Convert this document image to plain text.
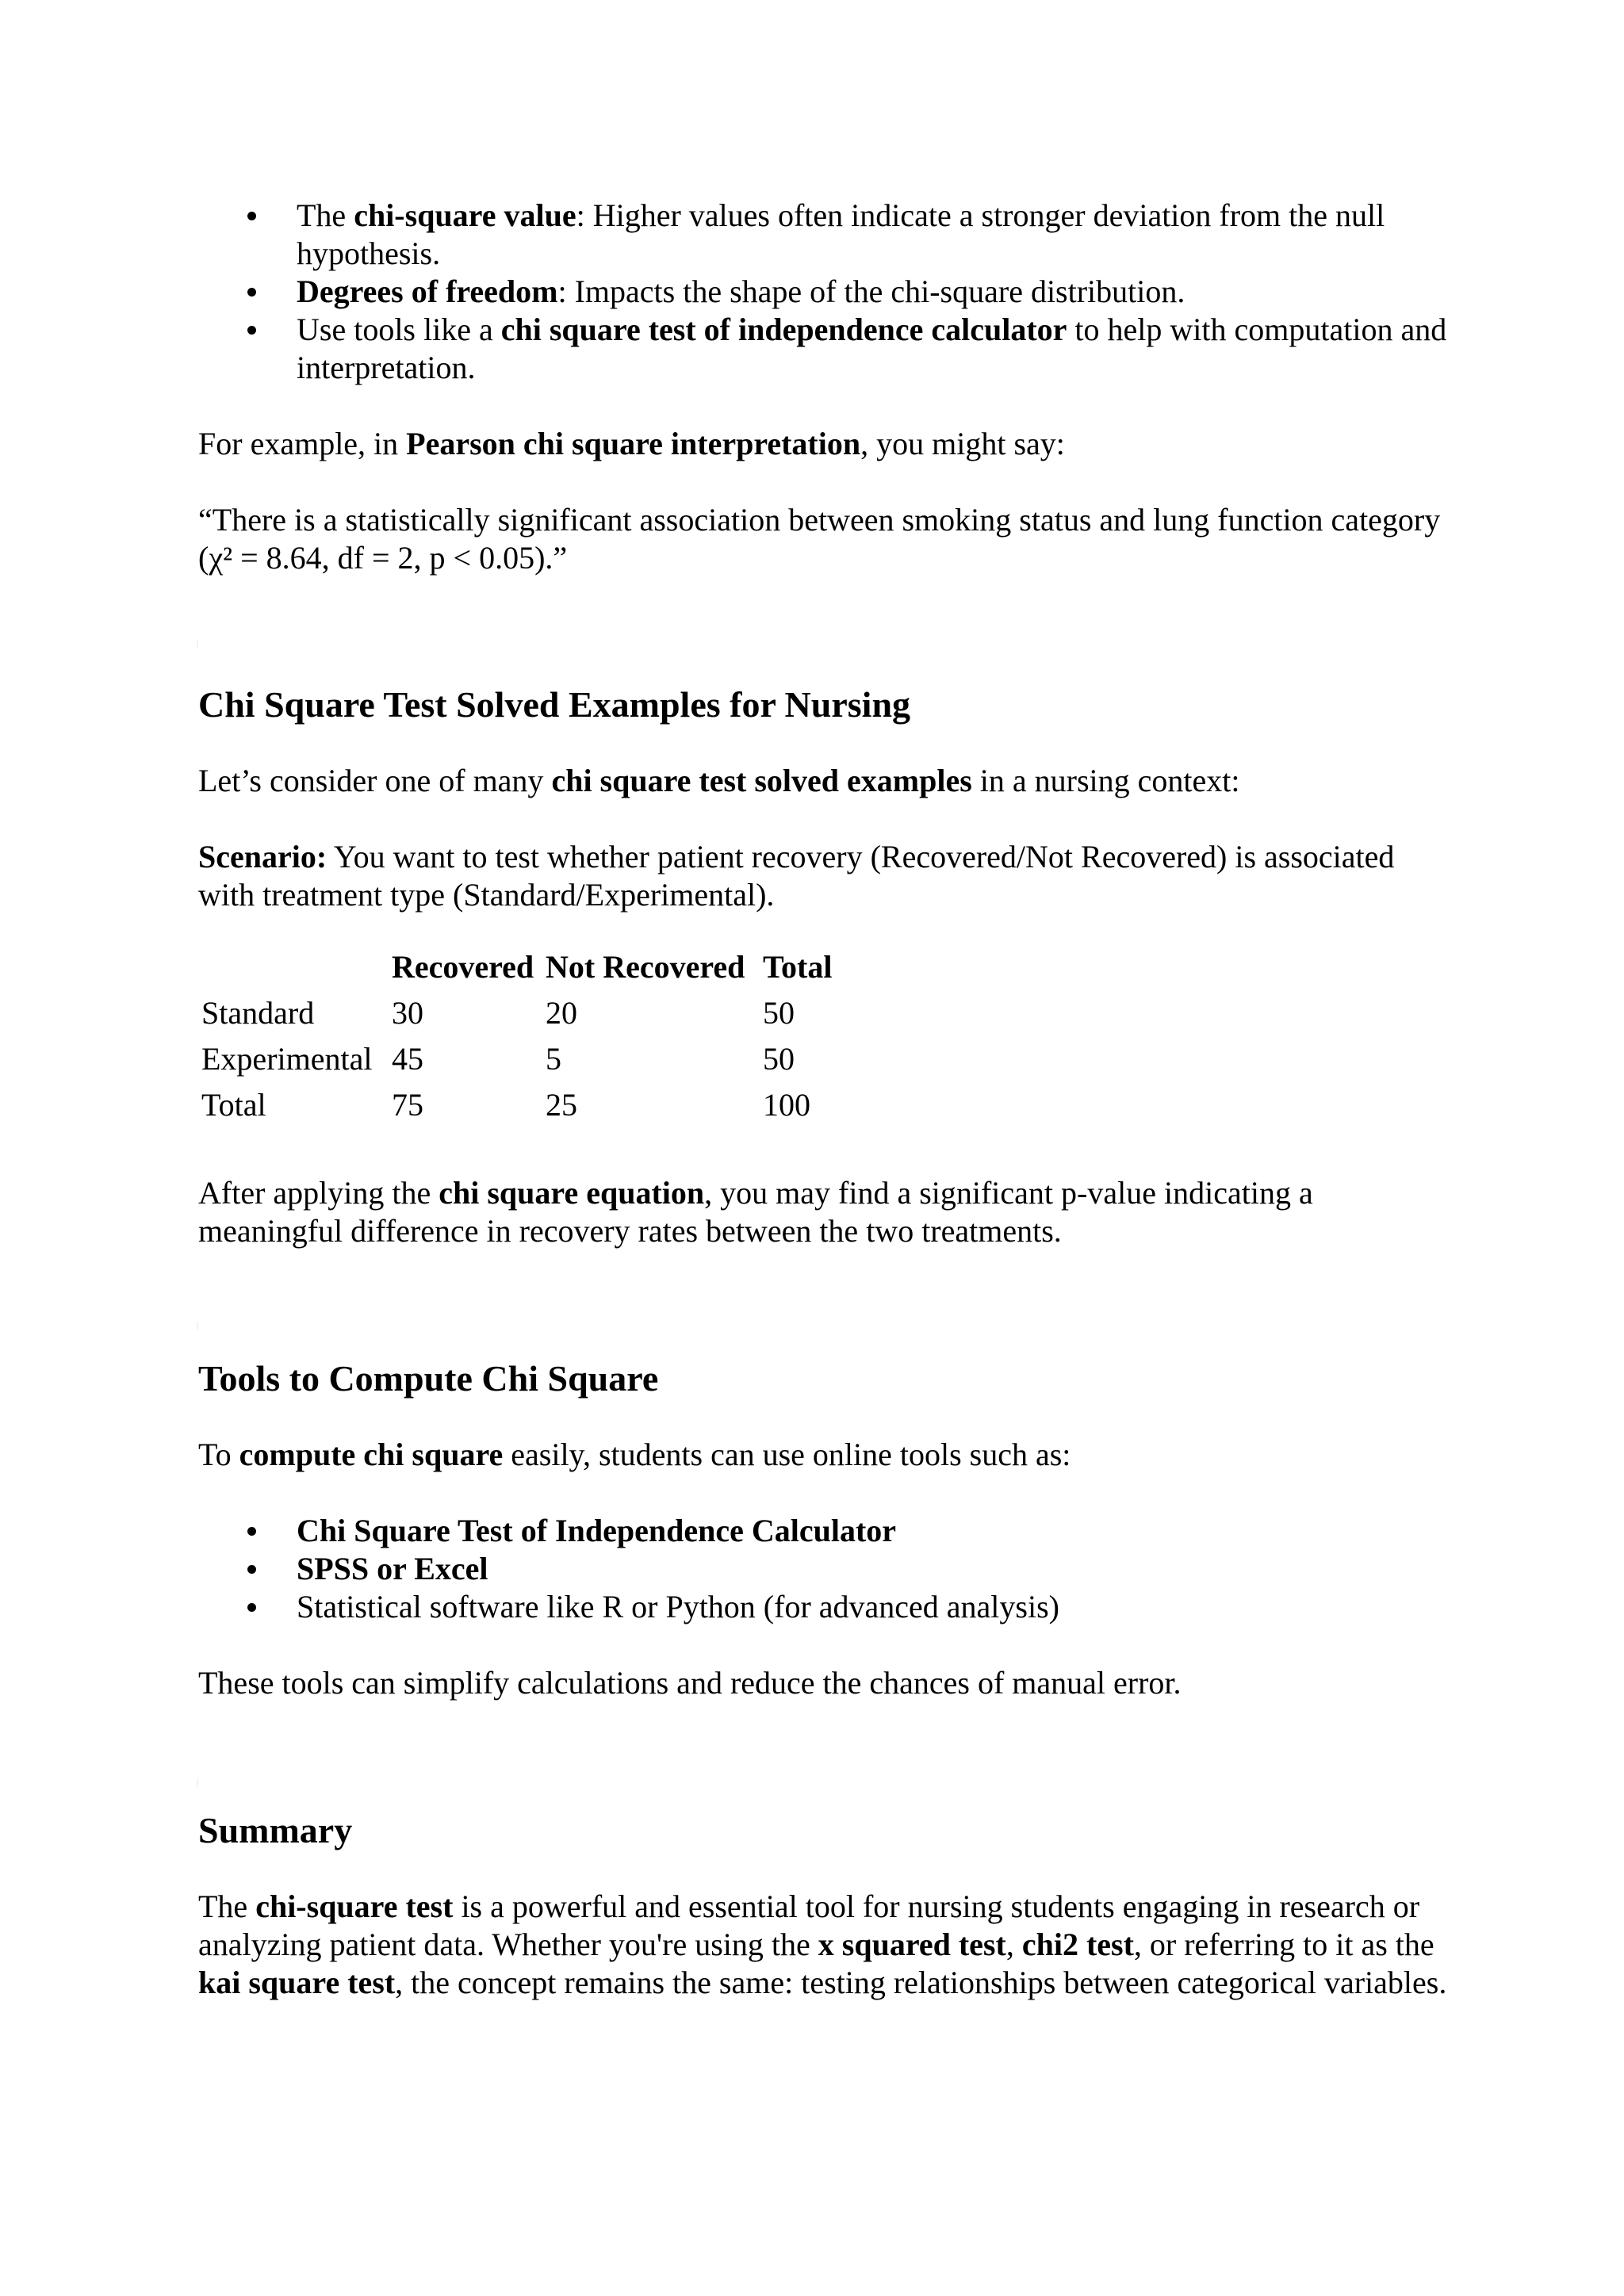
The chi-square value: Higher values often indicate a stronger deviation from the null hypothesis.
Degrees of freedom: Impacts the shape of the chi-square distribution.
Use tools like a chi square test of independence calculator to help with computation and interpretation.

For example, in Pearson chi square interpretation, you might say:

“There is a statistically significant association between smoking status and lung function category (χ² = 8.64, df = 2, p < 0.05).”

Chi Square Test Solved Examples for Nursing

Let’s consider one of many chi square test solved examples in a nursing context:

Scenario: You want to test whether patient recovery (Recovered/Not Recovered) is associated with treatment type (Standard/Experimental).

	Recovered	Not Recovered	Total
Standard	30	20	50
Experimental	45	5	50
Total	75	25	100

After applying the chi square equation, you may find a significant p-value indicating a meaningful difference in recovery rates between the two treatments.

Tools to Compute Chi Square

To compute chi square easily, students can use online tools such as:

Chi Square Test of Independence Calculator
SPSS or Excel
Statistical software like R or Python (for advanced analysis)

These tools can simplify calculations and reduce the chances of manual error.

Summary

The chi-square test is a powerful and essential tool for nursing students engaging in research or analyzing patient data. Whether you're using the x squared test, chi2 test, or referring to it as the kai square test, the concept remains the same: testing relationships between categorical variables.
